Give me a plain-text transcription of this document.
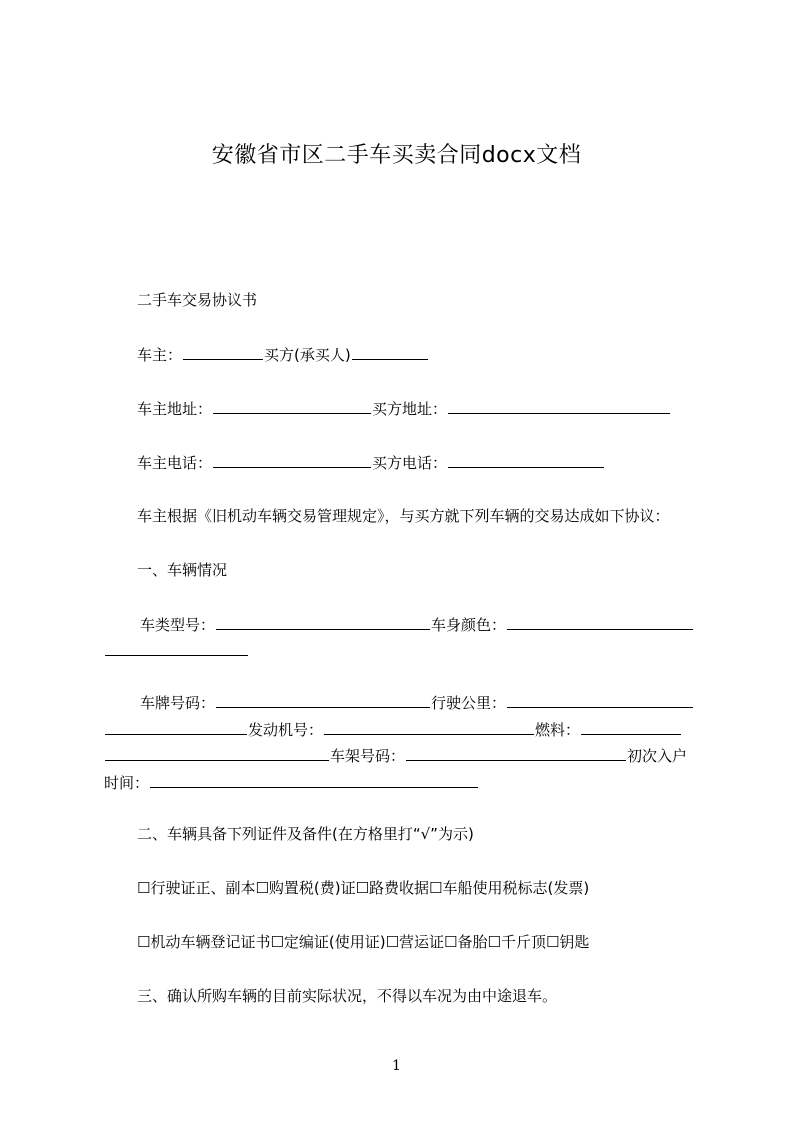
安徽省市区二手车买卖合同docx文档
二手车交易协议书
车主：	买方(承买人)
车主地址：	买方地址：
车主电话：	买方电话：
车主根据《旧机动车辆交易管理规定》，与买方就下列车辆的交易达成如下协议：
一、车辆情况
车类型号：	车身颜色：
车牌号码：	行驶公里：
发动机号：	燃料：
车架号码：	初次入户
时间：
二、车辆具备下列证件及备件(在方格里打“√”为示)
☐行驶证正、副本☐购置税(费)证☐路费收据☐车船使用税标志(发票)
☐机动车辆登记证书☐定编证(使用证)☐营运证☐备胎☐千斤顶☐钥匙
三、确认所购车辆的目前实际状况，不得以车况为由中途退车。
1
